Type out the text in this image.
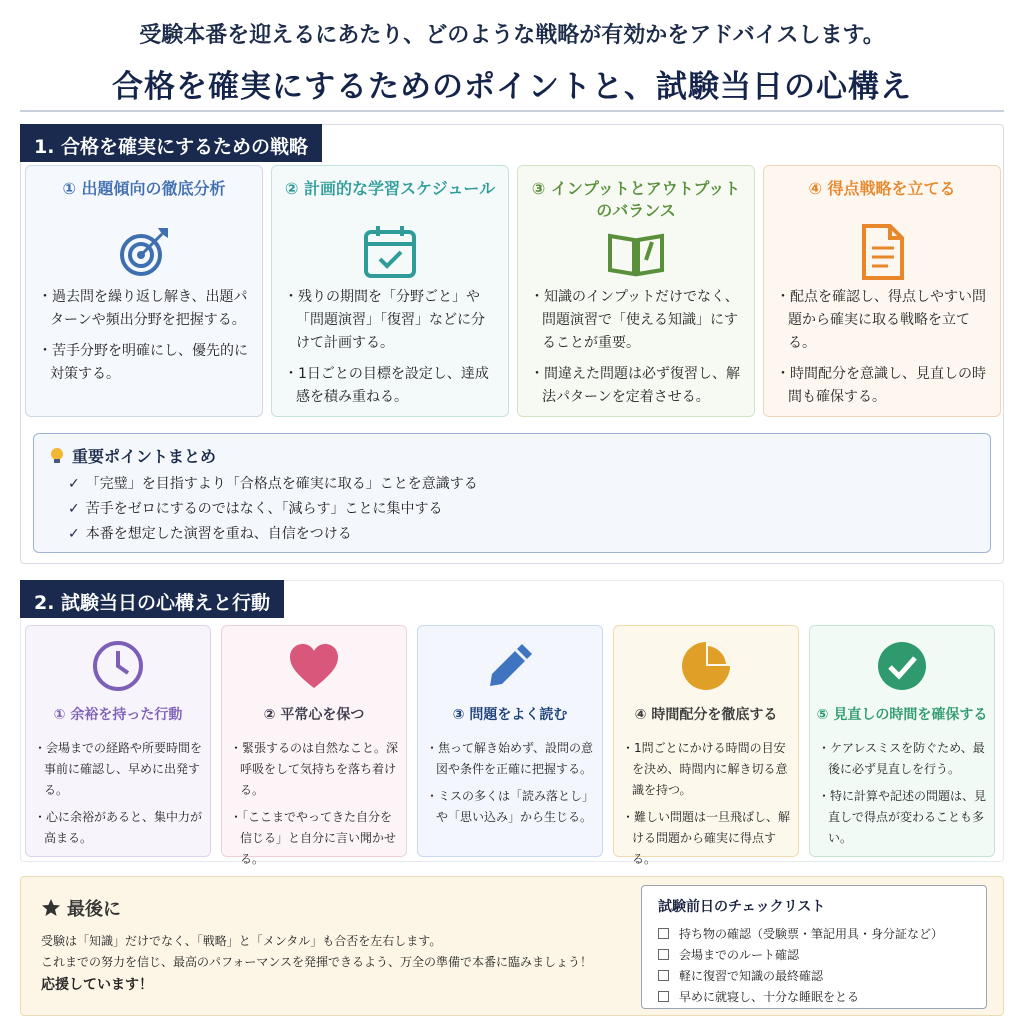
受験本番を迎えるにあたり、どのような戦略が有効かをアドバイスします。
合格を確実にするためのポイントと、試験当日の心構え
1. 合格を確実にするための戦略
① 出題傾向の徹底分析
・ 過去問を繰り返し解き、出題パターンや頻出分野を把握する。
・ 苦手分野を明確にし、優先的に対策する。
② 計画的な学習スケジュール
・ 残りの期間を「分野ごと」や「問題演習」「復習」などに分けて計画する。
・ 1日ごとの目標を設定し、達成感を積み重ねる。
③ インプットとアウトプットのバランス
・ 知識のインプットだけでなく、問題演習で「使える知識」にすることが重要。
・ 間違えた問題は必ず復習し、解法パターンを定着させる。
④ 得点戦略を立てる
・ 配点を確認し、得点しやすい問題から確実に取る戦略を立てる。
・ 時間配分を意識し、見直しの時間も確保する。
重要ポイントまとめ
✓ 「完璧」を目指すより「合格点を確実に取る」ことを意識する
✓ 苦手をゼロにするのではなく、「減らす」ことに集中する
✓ 本番を想定した演習を重ね、自信をつける
2. 試験当日の心構えと行動
① 余裕を持った行動
・ 会場までの経路や所要時間を事前に確認し、早めに出発する。
・ 心に余裕があると、集中力が高まる。
② 平常心を保つ
・ 緊張するのは自然なこと。深呼吸をして気持ちを落ち着ける。
・ 「ここまでやってきた自分を信じる」と自分に言い聞かせる。
③ 問題をよく読む
・ 焦って解き始めず、設問の意図や条件を正確に把握する。
・ ミスの多くは「読み落とし」や「思い込み」から生じる。
④ 時間配分を徹底する
・ 1問ごとにかける時間の目安を決め、時間内に解き切る意識を持つ。
・ 難しい問題は一旦飛ばし、解ける問題から確実に得点する。
⑤ 見直しの時間を確保する
・ ケアレスミスを防ぐため、最後に必ず見直しを行う。
・ 特に計算や記述の問題は、見直しで得点が変わることも多い。
最後に

受験は「知識」だけでなく、「戦略」と「メンタル」も合否を左右します。

これまでの努力を信じ、最高のパフォーマンスを発揮できるよう、万全の準備で本番に臨みましょう！

応援しています！

試験前日のチェックリスト
持ち物の確認（受験票・筆記用具・身分証など）
会場までのルート確認
軽に復習で知識の最終確認
早めに就寝し、十分な睡眠をとる
